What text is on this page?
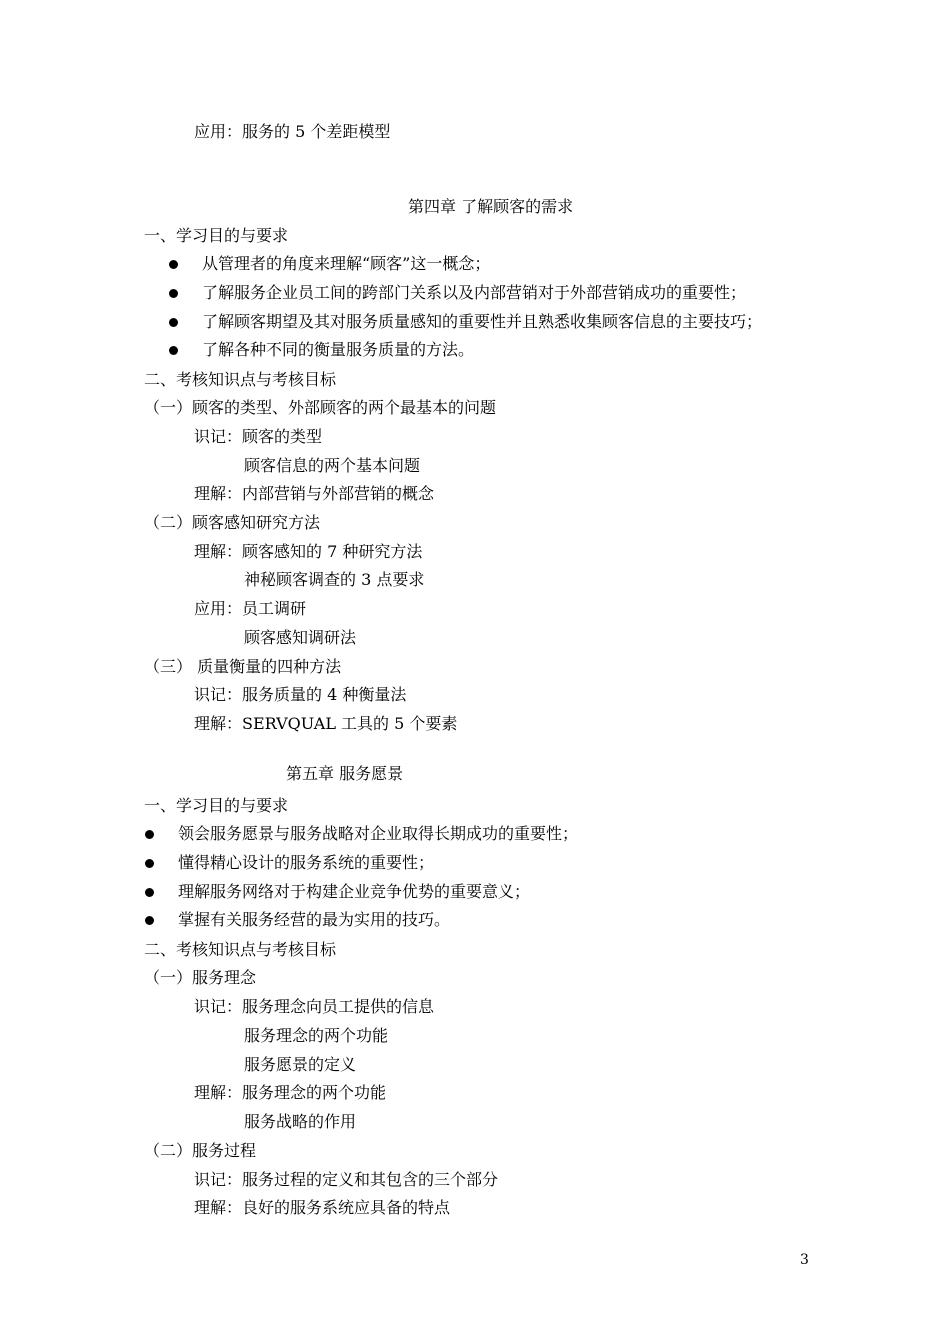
应用：服务的 5 个差距模型
第四章 了解顾客的需求
一、学习目的与要求
从管理者的角度来理解“顾客”这一概念；
了解服务企业员工间的跨部门关系以及内部营销对于外部营销成功的重要性；
了解顾客期望及其对服务质量感知的重要性并且熟悉收集顾客信息的主要技巧；
了解各种不同的衡量服务质量的方法。
二、考核知识点与考核目标
（一）顾客的类型、外部顾客的两个最基本的问题
识记：顾客的类型
顾客信息的两个基本问题
理解：内部营销与外部营销的概念
（二）顾客感知研究方法
理解：顾客感知的 7 种研究方法
神秘顾客调查的 3 点要求
应用：员工调研
顾客感知调研法
（三） 质量衡量的四种方法
识记：服务质量的 4 种衡量法
理解：SERVQUAL 工具的 5 个要素
第五章 服务愿景
一、学习目的与要求
领会服务愿景与服务战略对企业取得长期成功的重要性；
懂得精心设计的服务系统的重要性；
理解服务网络对于构建企业竞争优势的重要意义；
掌握有关服务经营的最为实用的技巧。
二、考核知识点与考核目标
（一）服务理念
识记：服务理念向员工提供的信息
服务理念的两个功能
服务愿景的定义
理解：服务理念的两个功能
服务战略的作用
（二）服务过程
识记：服务过程的定义和其包含的三个部分
理解：良好的服务系统应具备的特点
3
